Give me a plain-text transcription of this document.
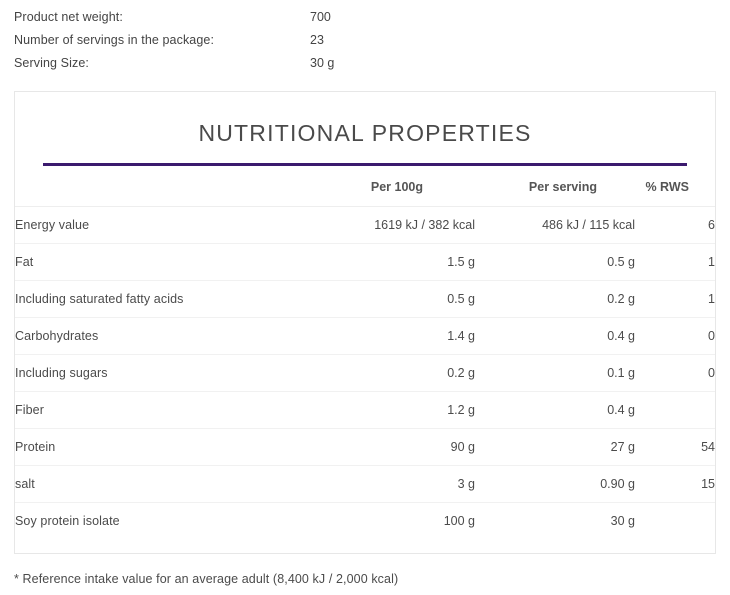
Product net weight:	700
Number of servings in the package:	23
Serving Size:	30 g
NUTRITIONAL PROPERTIES
	Per 100g	Per serving	% RWS
Energy value	1619 kJ / 382 kcal	486 kJ / 115 kcal	6
Fat	1.5 g	0.5 g	1
Including saturated fatty acids	0.5 g	0.2 g	1
Carbohydrates	1.4 g	0.4 g	0
Including sugars	0.2 g	0.1 g	0
Fiber	1.2 g	0.4 g	
Protein	90 g	27 g	54
salt	3 g	0.90 g	15
Soy protein isolate	100 g	30 g	
* Reference intake value for an average adult (8,400 kJ / 2,000 kcal)
